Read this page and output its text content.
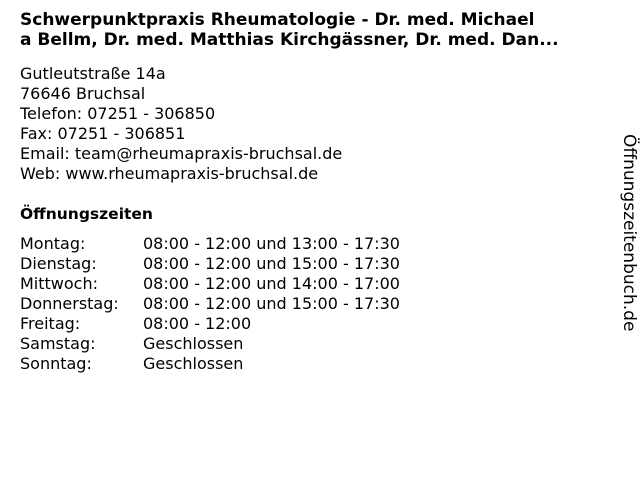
Schwerpunktpraxis Rheumatologie - Dr. med. Michael
a Bellm, Dr. med. Matthias Kirchgässner, Dr. med. Dan...
Gutleutstraße 14a
76646 Bruchsal
Telefon: 07251 - 306850
Fax: 07251 - 306851
Email: team@rheumapraxis-bruchsal.de
Web: www.rheumapraxis-bruchsal.de
Öffnungszeiten
Montag:	08:00 - 12:00 und 13:00 - 17:30
Dienstag:	08:00 - 12:00 und 15:00 - 17:30
Mittwoch:	08:00 - 12:00 und 14:00 - 17:00
Donnerstag:	08:00 - 12:00 und 15:00 - 17:30
Freitag:	08:00 - 12:00
Samstag:	Geschlossen
Sonntag:	Geschlossen
Öffnungszeitenbuch.de
